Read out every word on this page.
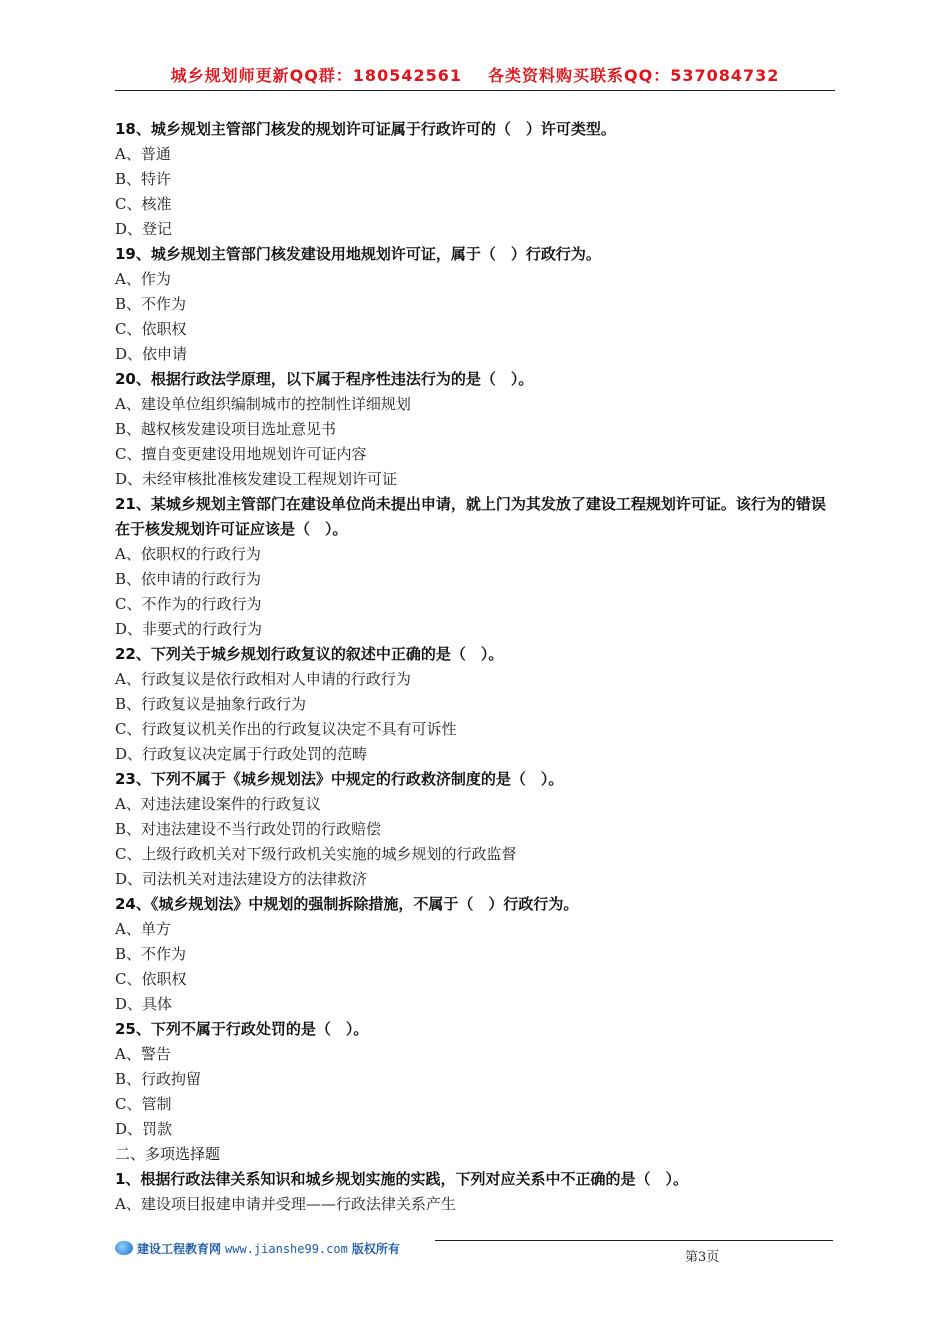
城乡规划师更新QQ群：180542561 各类资料购买联系QQ：537084732

18、城乡规划主管部门核发的规划许可证属于行政许可的（　）许可类型。

A、普通

B、特许

C、核准

D、登记

19、城乡规划主管部门核发建设用地规划许可证，属于（　）行政行为。

A、作为

B、不作为

C、依职权

D、依申请

20、根据行政法学原理，以下属于程序性违法行为的是（　）。

A、建设单位组织编制城市的控制性详细规划

B、越权核发建设项目选址意见书

C、擅自变更建设用地规划许可证内容

D、未经审核批准核发建设工程规划许可证

21、某城乡规划主管部门在建设单位尚未提出申请，就上门为其发放了建设工程规划许可证。该行为的错误在于核发规划许可证应该是（　）。

A、依职权的行政行为

B、依申请的行政行为

C、不作为的行政行为

D、非要式的行政行为

22、下列关于城乡规划行政复议的叙述中正确的是（　）。

A、行政复议是依行政相对人申请的行政行为

B、行政复议是抽象行政行为

C、行政复议机关作出的行政复议决定不具有可诉性

D、行政复议决定属于行政处罚的范畴

23、下列不属于《城乡规划法》中规定的行政救济制度的是（　）。

A、对违法建设案件的行政复议

B、对违法建设不当行政处罚的行政赔偿

C、上级行政机关对下级行政机关实施的城乡规划的行政监督

D、司法机关对违法建设方的法律救济

24、《城乡规划法》中规划的强制拆除措施，不属于（　）行政行为。

A、单方

B、不作为

C、依职权

D、具体

25、下列不属于行政处罚的是（　）。

A、警告

B、行政拘留

C、管制

D、罚款

二、多项选择题

1、根据行政法律关系知识和城乡规划实施的实践，下列对应关系中不正确的是（　）。

A、建设项目报建申请并受理——行政法律关系产生

建设工程教育网 www.jianshe99.com 版权所有
第3页
